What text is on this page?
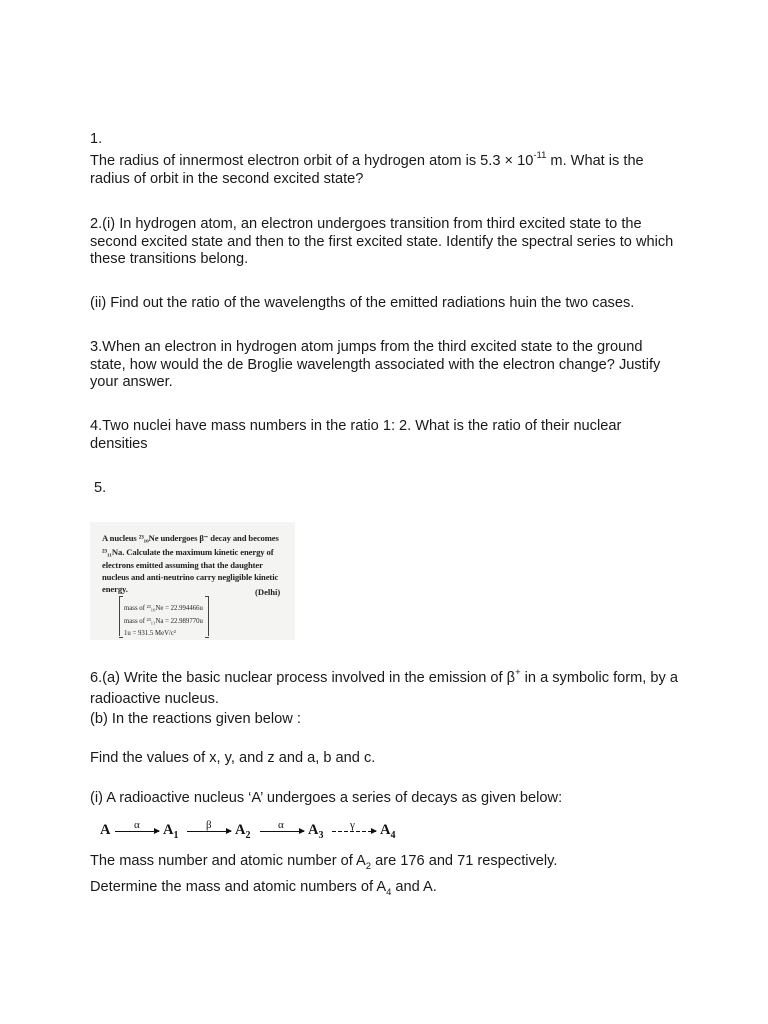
1.

The radius of innermost electron orbit of a hydrogen atom is $5.3 \times 10^{-11}$ m. What is the radius of orbit in the second excited state?

2.(i) In hydrogen atom, an electron undergoes transition from third excited state to the second excited state and then to the first excited state. Identify the spectral series to which these transitions belong.

(ii) Find out the ratio of the wavelengths of the emitted radiations huin the two cases.

3.When an electron in hydrogen atom jumps from the third excited state to the ground state, how would the de Broglie wavelength associated with the electron change? Justify your answer.

4.Two nuclei have mass numbers in the ratio 1: 2. What is the ratio of their nuclear densities

5.

A nucleus ²³₁₀Ne undergoes β⁻ decay and becomes
²³₁₁Na. Calculate the maximum kinetic energy of
electrons emitted assuming that the daughter
nucleus and anti-neutrino carry negligible kinetic
energy.	(Delhi)
mass of ²³₁₀Ne = 22.994466u
mass of ²³₁₁Na = 22.989770u
1u = 931.5 MeV/c²

6.(a) Write the basic nuclear process involved in the emission of β+ in a symbolic form, by a radioactive nucleus.

(b) In the reactions given below :

Find the values of x, y, and z and a, b and c.

(i) A radioactive nucleus ‘A’ undergoes a series of decays as given below:

A α $A_1$
β $A_2$
α $A_3$
γ $A_4$

The mass number and atomic number of $A_2$ are 176 and 71 respectively.

Determine the mass and atomic numbers of $A_4$ and A.
